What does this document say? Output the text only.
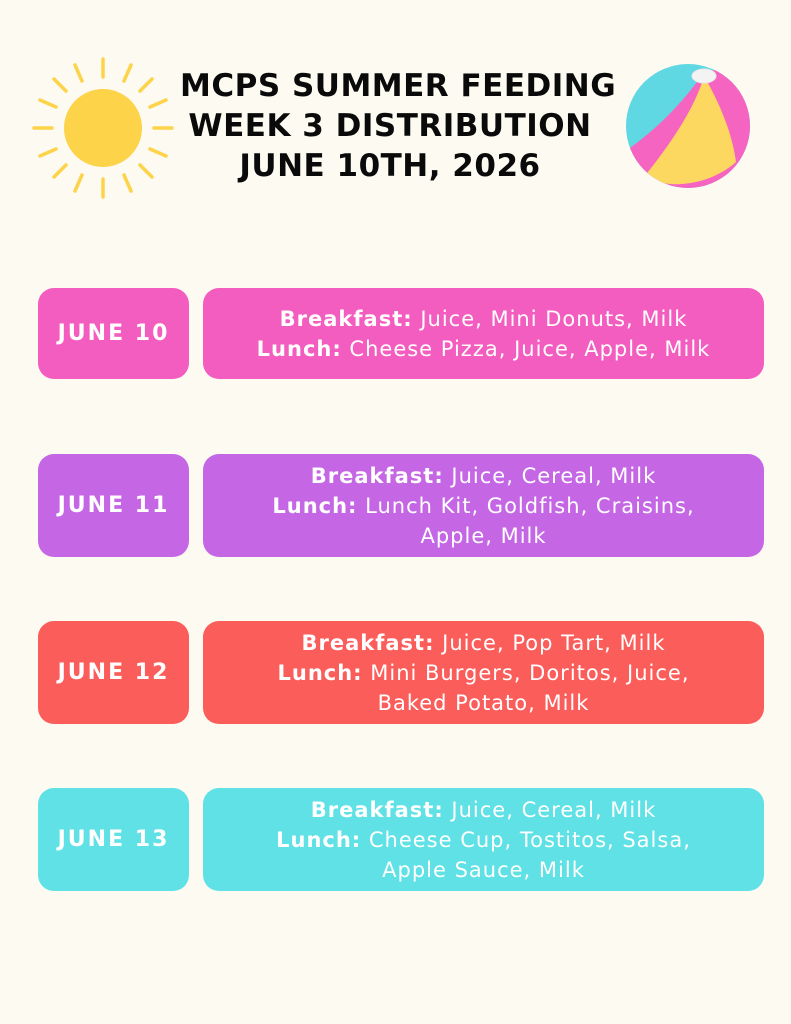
MCPS SUMMER FEEDING
WEEK 3 DISTRIBUTION
JUNE 10TH, 2026
JUNE 10
Breakfast: Juice, Mini Donuts, Milk
Lunch: Cheese Pizza, Juice, Apple, Milk
JUNE 11
Breakfast: Juice, Cereal, Milk
Lunch: Lunch Kit, Goldfish, Craisins,
Apple, Milk
JUNE 12
Breakfast: Juice, Pop Tart, Milk
Lunch: Mini Burgers, Doritos, Juice,
Baked Potato, Milk
JUNE 13
Breakfast: Juice, Cereal, Milk
Lunch: Cheese Cup, Tostitos, Salsa,
Apple Sauce, Milk
